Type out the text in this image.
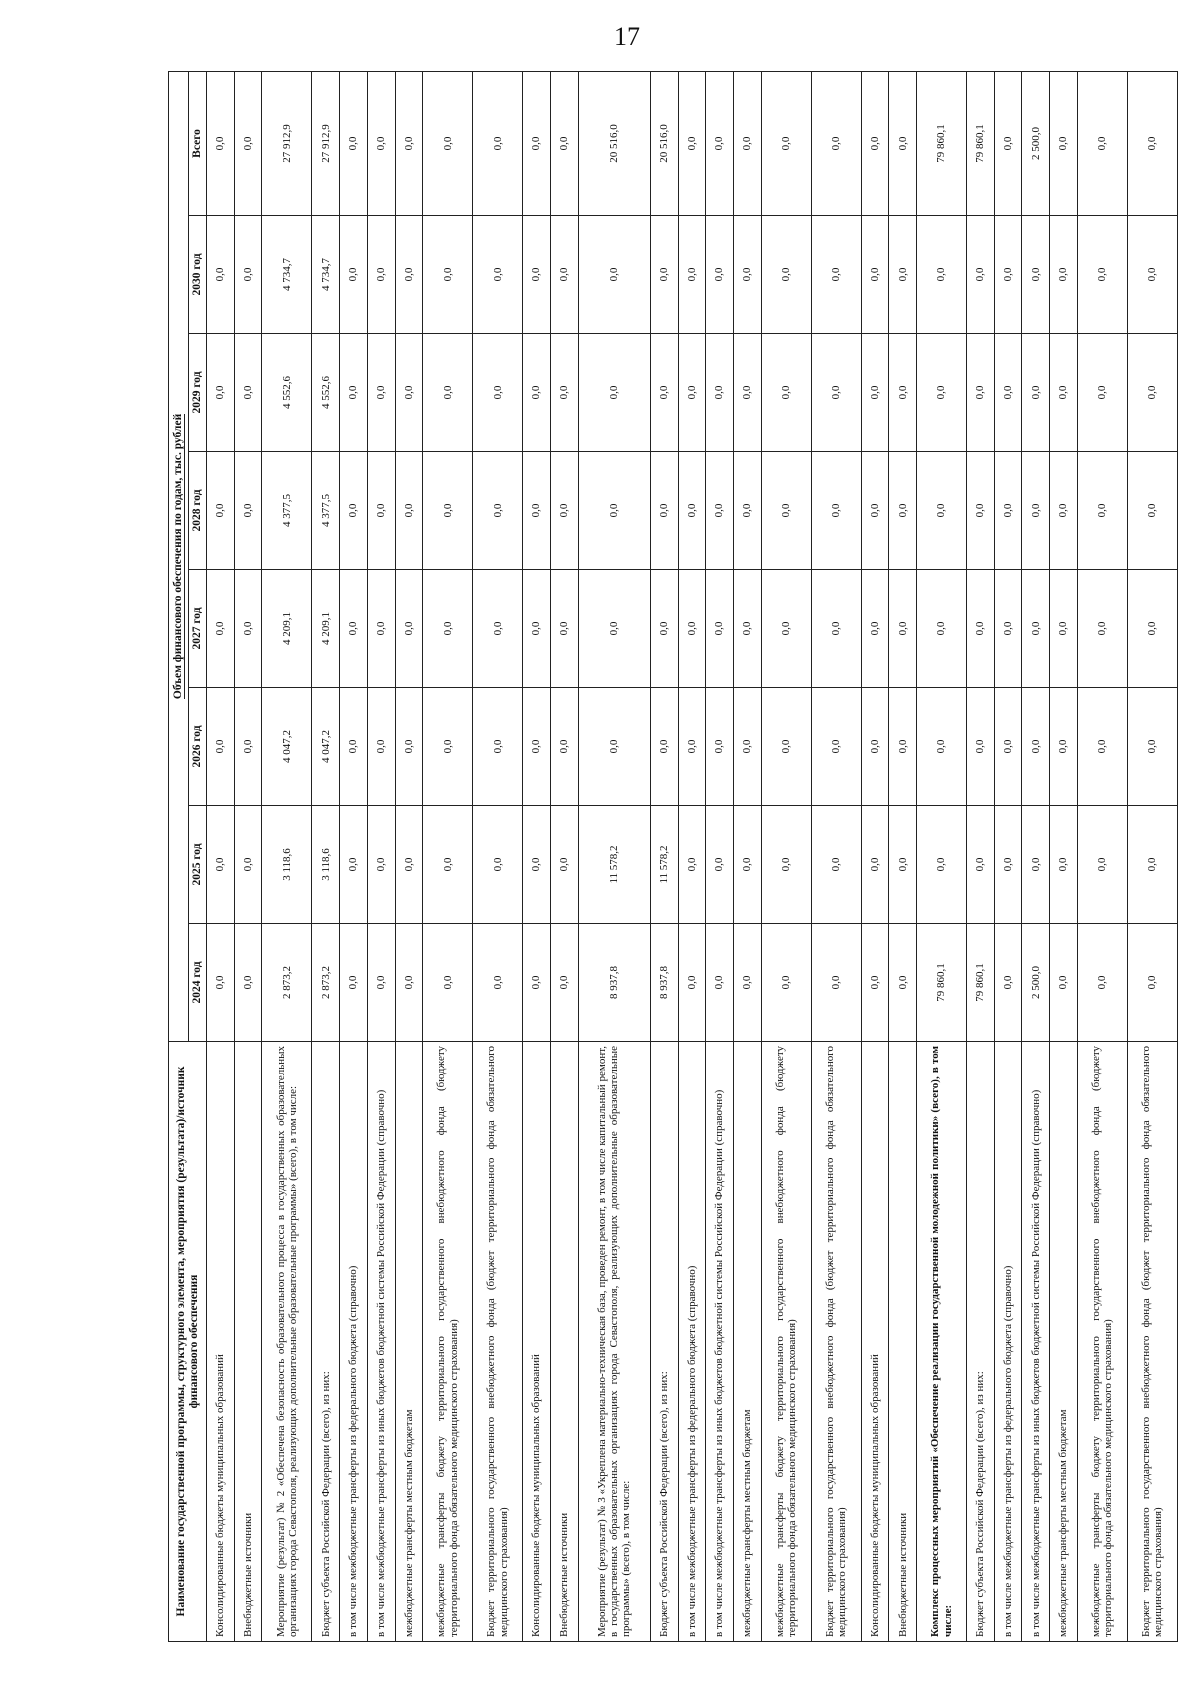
17
Наименование государственной программы, структурного элемента, мероприятия (результата)/источник финансового обеспечения	Объем финансового обеспечения по годам, тыс. рублей							
	2024 год	2025 год	2026 год	2027 год	2028 год	2029 год	2030 год	Всего
Консолидированные бюджеты муниципальных образований	0,0	0,0	0,0	0,0	0,0	0,0	0,0	0,0
Внебюджетные источники	0,0	0,0	0,0	0,0	0,0	0,0	0,0	0,0
Мероприятие (результат) № 2 «Обеспечена безопасность образовательного процесса в государственных образовательных организациях города Севастополя, реализующих дополнительные образовательные программы» (всего), в том числе:	2 873,2	3 118,6	4 047,2	4 209,1	4 377,5	4 552,6	4 734,7	27 912,9
Бюджет субъекта Российской Федерации (всего), из них:	2 873,2	3 118,6	4 047,2	4 209,1	4 377,5	4 552,6	4 734,7	27 912,9
в том числе межбюджетные трансферты из федерального бюджета (справочно)	0,0	0,0	0,0	0,0	0,0	0,0	0,0	0,0
в том числе межбюджетные трансферты из иных бюджетов бюджетной системы Российской Федерации (справочно)	0,0	0,0	0,0	0,0	0,0	0,0	0,0	0,0
межбюджетные трансферты местным бюджетам	0,0	0,0	0,0	0,0	0,0	0,0	0,0	0,0
межбюджетные трансферты бюджету территориального государственного внебюджетного фонда (бюджету территориального фонда обязательного медицинского страхования)	0,0	0,0	0,0	0,0	0,0	0,0	0,0	0,0
Бюджет территориального государственного внебюджетного фонда (бюджет территориального фонда обязательного медицинского страхования)	0,0	0,0	0,0	0,0	0,0	0,0	0,0	0,0
Консолидированные бюджеты муниципальных образований	0,0	0,0	0,0	0,0	0,0	0,0	0,0	0,0
Внебюджетные источники	0,0	0,0	0,0	0,0	0,0	0,0	0,0	0,0
Мероприятие (результат) № 3 «Укреплена материально-техническая база, проведен ремонт, в том числе капитальный ремонт, в государственных образовательных организациях города Севастополя, реализующих дополнительные образовательные программы» (всего), в том числе:	8 937,8	11 578,2	0,0	0,0	0,0	0,0	0,0	20 516,0
Бюджет субъекта Российской Федерации (всего), из них:	8 937,8	11 578,2	0,0	0,0	0,0	0,0	0,0	20 516,0
в том числе межбюджетные трансферты из федерального бюджета (справочно)	0,0	0,0	0,0	0,0	0,0	0,0	0,0	0,0
в том числе межбюджетные трансферты из иных бюджетов бюджетной системы Российской Федерации (справочно)	0,0	0,0	0,0	0,0	0,0	0,0	0,0	0,0
межбюджетные трансферты местным бюджетам	0,0	0,0	0,0	0,0	0,0	0,0	0,0	0,0
межбюджетные трансферты бюджету территориального государственного внебюджетного фонда (бюджету территориального фонда обязательного медицинского страхования)	0,0	0,0	0,0	0,0	0,0	0,0	0,0	0,0
Бюджет территориального государственного внебюджетного фонда (бюджет территориального фонда обязательного медицинского страхования)	0,0	0,0	0,0	0,0	0,0	0,0	0,0	0,0
Консолидированные бюджеты муниципальных образований	0,0	0,0	0,0	0,0	0,0	0,0	0,0	0,0
Внебюджетные источники	0,0	0,0	0,0	0,0	0,0	0,0	0,0	0,0
Комплекс процессных мероприятий «Обеспечение реализации государственной молодежной политики» (всего), в том числе:	79 860,1	0,0	0,0	0,0	0,0	0,0	0,0	79 860,1
Бюджет субъекта Российской Федерации (всего), из них:	79 860,1	0,0	0,0	0,0	0,0	0,0	0,0	79 860,1
в том числе межбюджетные трансферты из федерального бюджета (справочно)	0,0	0,0	0,0	0,0	0,0	0,0	0,0	0,0
в том числе межбюджетные трансферты из иных бюджетов бюджетной системы Российской Федерации (справочно)	2 500,0	0,0	0,0	0,0	0,0	0,0	0,0	2 500,0
межбюджетные трансферты местным бюджетам	0,0	0,0	0,0	0,0	0,0	0,0	0,0	0,0
межбюджетные трансферты бюджету территориального государственного внебюджетного фонда (бюджету территориального фонда обязательного медицинского страхования)	0,0	0,0	0,0	0,0	0,0	0,0	0,0	0,0
Бюджет территориального государственного внебюджетного фонда (бюджет территориального фонда обязательного медицинского страхования)	0,0	0,0	0,0	0,0	0,0	0,0	0,0	0,0
